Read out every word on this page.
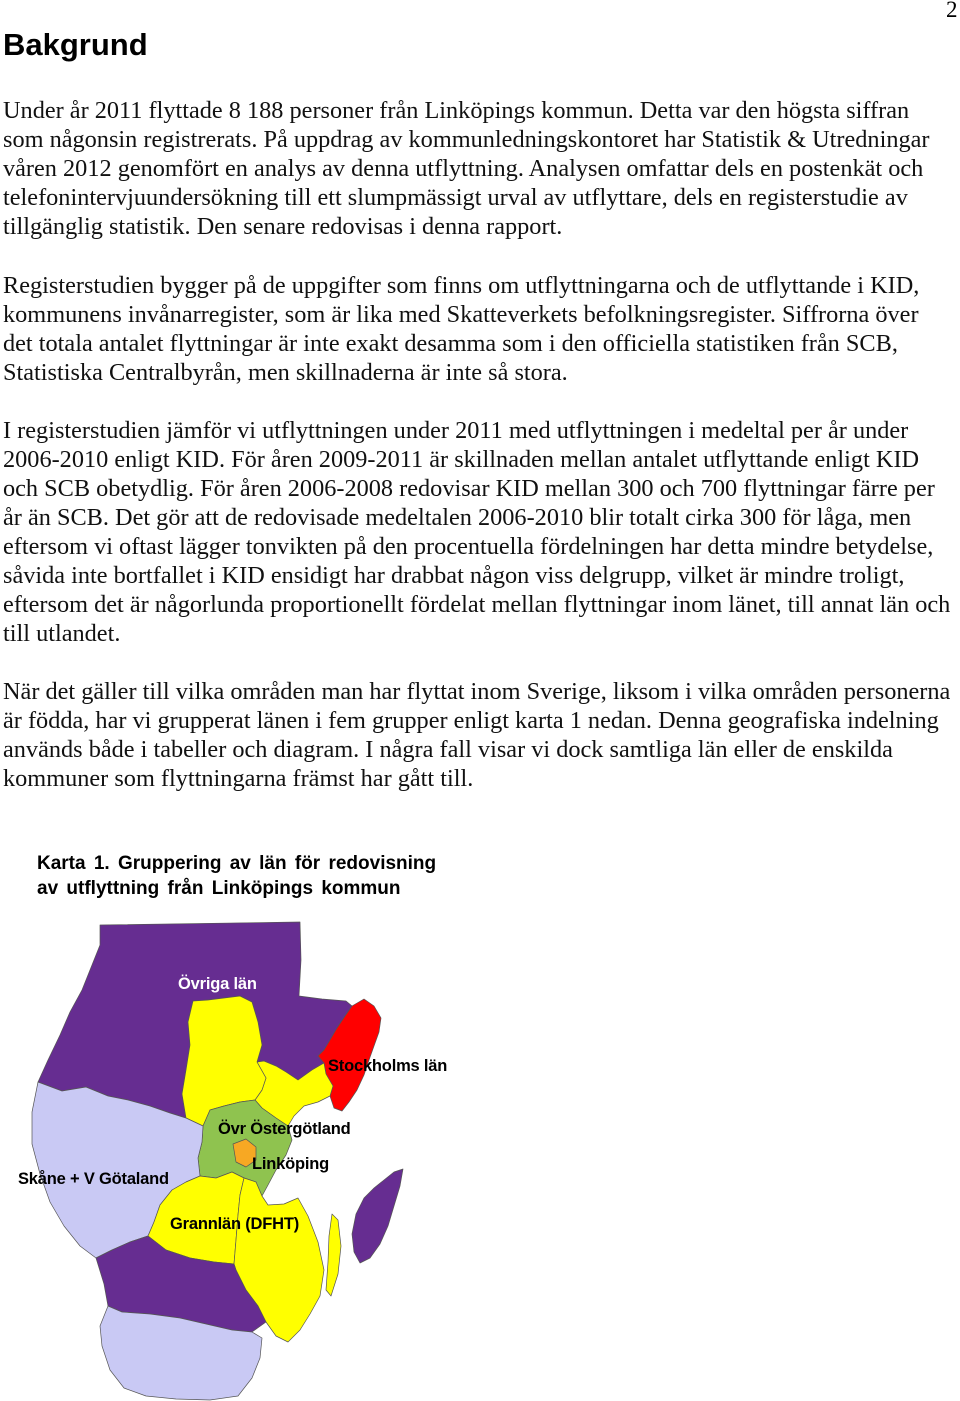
2
Bakgrund
Under år 2011 flyttade 8 188 personer från Linköpings kommun. Detta var den högsta siffran
som någonsin registrerats. På uppdrag av kommunledningskontoret har Statistik & Utredningar
våren 2012 genomfört en analys av denna utflyttning. Analysen omfattar dels en postenkät och
telefonintervjuundersökning till ett slumpmässigt urval av utflyttare, dels en registerstudie av
tillgänglig statistik. Den senare redovisas i denna rapport.
Registerstudien bygger på de uppgifter som finns om utflyttningarna och de utflyttande i KID,
kommunens invånarregister, som är lika med Skatteverkets befolkningsregister. Siffrorna över
det totala antalet flyttningar är inte exakt desamma som i den officiella statistiken från SCB,
Statistiska Centralbyrån, men skillnaderna är inte så stora.
I registerstudien jämför vi utflyttningen under 2011 med utflyttningen i medeltal per år under
2006-2010 enligt KID. För åren 2009-2011 är skillnaden mellan antalet utflyttande enligt KID
och SCB obetydlig. För åren 2006-2008 redovisar KID mellan 300 och 700 flyttningar färre per
år än SCB. Det gör att de redovisade medeltalen 2006-2010 blir totalt cirka 300 för låga, men
eftersom vi oftast lägger tonvikten på den procentuella fördelningen har detta mindre betydelse,
såvida inte bortfallet i KID ensidigt har drabbat någon viss delgrupp, vilket är mindre troligt,
eftersom det är någorlunda proportionellt fördelat mellan flyttningar inom länet, till annat län och
till utlandet.
När det gäller till vilka områden man har flyttat inom Sverige, liksom i vilka områden personerna
är födda, har vi grupperat länen i fem grupper enligt karta 1 nedan. Denna geografiska indelning
används både i tabeller och diagram. I några fall visar vi dock samtliga län eller de enskilda
kommuner som flyttningarna främst har gått till.
Karta 1. Gruppering av län för redovisning
av utflyttning från Linköpings kommun
Övriga län
Stockholms län
Övr Östergötland
Linköping
Skåne + V Götaland
Grannlän (DFHT)
